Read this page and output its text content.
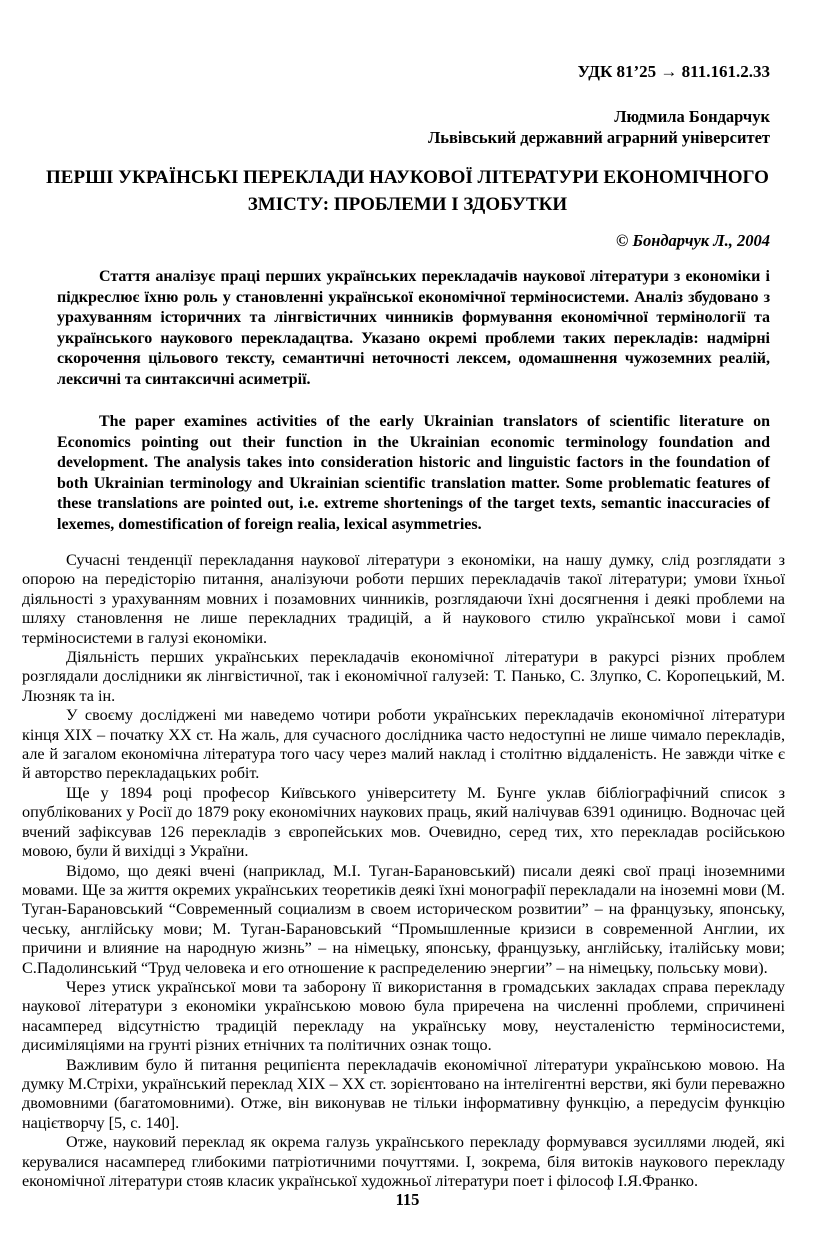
УДК 81’25 → 811.161.2.33
Людмила Бондарчук
Львівський державний аграрний університет
ПЕРШІ УКРАЇНСЬКІ ПЕРЕКЛАДИ НАУКОВОЇ ЛІТЕРАТУРИ ЕКОНОМІЧНОГО ЗМІСТУ: ПРОБЛЕМИ І ЗДОБУТКИ
© Бондарчук Л., 2004

Стаття аналізує праці перших українських перекладачів наукової літератури з економіки і підкреслює їхню роль у становленні української економічної терміносистеми. Аналіз збудовано з урахуванням історичних та лінгвістичних чинників формування економічної термінології та українського наукового перекладацтва. Указано окремі проблеми таких перекладів: надмірні скорочення цільового тексту, семантичні неточності лексем, одомашнення чужоземних реалій, лексичні та синтаксичні асиметрії.

The paper examines activities of the early Ukrainian translators of scientific literature on Economics pointing out their function in the Ukrainian economic terminology foundation and development. The analysis takes into consideration historic and linguistic factors in the foundation of both Ukrainian terminology and Ukrainian scientific translation matter. Some problematic features of these translations are pointed out, i.e. extreme shortenings of the target texts, semantic inaccuracies of lexemes, domestification of foreign realia, lexical asymmetries.

Сучасні тенденції перекладання наукової літератури з економіки, на нашу думку, слід розглядати з опорою на передісторію питання, аналізуючи роботи перших перекладачів такої літератури; умови їхньої діяльності з урахуванням мовних і позамовних чинників, розглядаючи їхні досягнення і деякі проблеми на шляху становлення не лише перекладних традицій, а й наукового стилю української мови і самої терміносистеми в галузі економіки.

Діяльність перших українських перекладачів економічної літератури в ракурсі різних проблем розглядали дослідники як лінгвістичної, так і економічної галузей: Т. Панько, С. Злупко, С. Коропецький, М. Люзняк та ін.

У своєму досліджені ми наведемо чотири роботи українських перекладачів економічної літератури кінця XIX – початку XX ст. На жаль, для сучасного дослідника часто недоступні не лише чимало перекладів, але й загалом економічна література того часу через малий наклад і столітню віддаленість. Не завжди чітке є й авторство перекладацьких робіт.

Ще у 1894 році професор Київського університету М. Бунге уклав бібліографічний список з опублікованих у Росії до 1879 року економічних наукових праць, який налічував 6391 одиницю. Водночас цей вчений зафіксував 126 перекладів з європейських мов. Очевидно, серед тих, хто перекладав російською мовою, були й вихідці з України.

Відомо, що деякі вчені (наприклад, М.І. Туган-Барановський) писали деякі свої праці іноземними мовами. Ще за життя окремих українських теоретиків деякі їхні монографії перекладали на іноземні мови (М. Туган-Барановський “Современный социализм в своем историческом розвитии” – на французьку, японську, чеську, англійську мови; М. Туган-Барановський “Промышленные кризиси в современной Англии, их причини и влияние на народную жизнь” – на німецьку, японську, французьку, англійську, італійську мови; С.Падолинський “Труд человека и его отношение к распределению энергии” – на німецьку, польську мови).

Через утиск української мови та заборону її використання в громадських закладах справа перекладу наукової літератури з економіки українською мовою була приречена на численні проблеми, спричинені насамперед відсутністю традицій перекладу на українську мову, неусталеністю терміносистеми, дисиміляціями на грунті різних етнічних та політичних ознак тощо.

Важливим було й питання реципієнта перекладачів економічної літератури українською мовою. На думку М.Стріхи, український переклад XIX – XX ст. зорієнтовано на інтелігентні верстви, які були переважно двомовними (багатомовними). Отже, він виконував не тільки інформативну функцію, а передусім функцію націєтворчу [5, с. 140].

Отже, науковий переклад як окрема галузь українського перекладу формувався зусиллями людей, які керувалися насамперед глибокими патріотичними почуттями. І, зокрема, біля витоків наукового перекладу економічної літератури стояв класик української художньої літератури поет і філософ І.Я.Франко.

115
